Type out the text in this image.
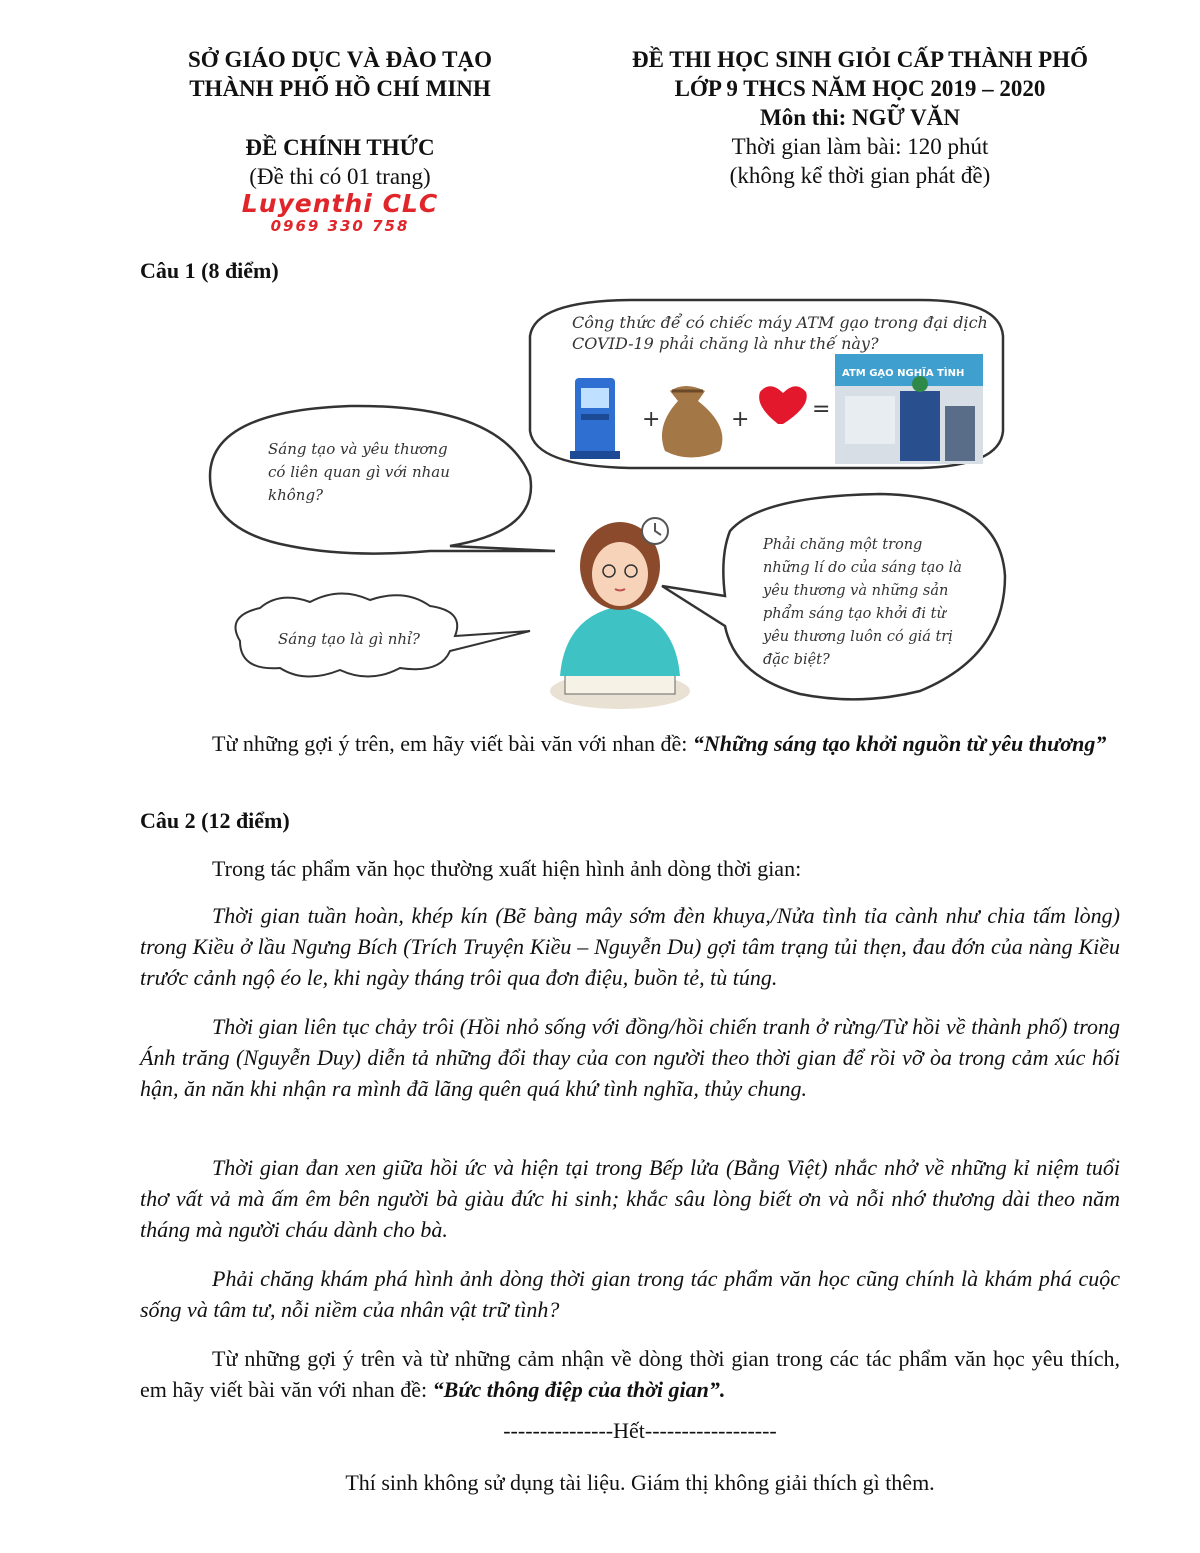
SỞ GIÁO DỤC VÀ ĐÀO TẠO
THÀNH PHỐ HỒ CHÍ MINH
ĐỀ CHÍNH THỨC
(Đề thi có 01 trang)
Luyenthi CLC
0969 330 758
ĐỀ THI HỌC SINH GIỎI CẤP THÀNH PHỐ
LỚP 9 THCS NĂM HỌC 2019 – 2020
Môn thi: NGỮ VĂN
Thời gian làm bài: 120 phút
(không kể thời gian phát đề)
Câu 1 (8 điểm)
Công thức để có chiếc máy ATM gạo trong đại dịch
COVID-19 phải chăng là như thế này?
+	+	=
ATM GẠO NGHĨA TÌNH
Sáng tạo và yêu thương
có liên quan gì với nhau
không?
Sáng tạo là gì nhỉ?
Phải chăng một trong
những lí do của sáng tạo là
yêu thương và những sản
phẩm sáng tạo khởi đi từ
yêu thương luôn có giá trị
đặc biệt?
Từ những gợi ý trên, em hãy viết bài văn với nhan đề: “Những sáng tạo khởi nguồn từ yêu thương”
Câu 2 (12 điểm)
Trong tác phẩm văn học thường xuất hiện hình ảnh dòng thời gian:
Thời gian tuần hoàn, khép kín (Bẽ bàng mây sớm đèn khuya,/Nửa tình tỉa cành như chia tấm lòng) trong Kiều ở lầu Ngưng Bích (Trích Truyện Kiều – Nguyễn Du) gợi tâm trạng tủi thẹn, đau đớn của nàng Kiều trước cảnh ngộ éo le, khi ngày tháng trôi qua đơn điệu, buồn tẻ, tù túng.
Thời gian liên tục chảy trôi (Hồi nhỏ sống với đồng/hồi chiến tranh ở rừng/Từ hồi về thành phố) trong Ánh trăng (Nguyễn Duy) diễn tả những đổi thay của con người theo thời gian để rồi vỡ òa trong cảm xúc hối hận, ăn năn khi nhận ra mình đã lãng quên quá khứ tình nghĩa, thủy chung.
Thời gian đan xen giữa hồi ức và hiện tại trong Bếp lửa (Bằng Việt) nhắc nhở về những kỉ niệm tuổi thơ vất vả mà ấm êm bên người bà giàu đức hi sinh; khắc sâu lòng biết ơn và nỗi nhớ thương dài theo năm tháng mà người cháu dành cho bà.
Phải chăng khám phá hình ảnh dòng thời gian trong tác phẩm văn học cũng chính là khám phá cuộc sống và tâm tư, nỗi niềm của nhân vật trữ tình?
Từ những gợi ý trên và từ những cảm nhận về dòng thời gian trong các tác phẩm văn học yêu thích, em hãy viết bài văn với nhan đề: “Bức thông điệp của thời gian”.
---------------Hết------------------
Thí sinh không sử dụng tài liệu. Giám thị không giải thích gì thêm.
